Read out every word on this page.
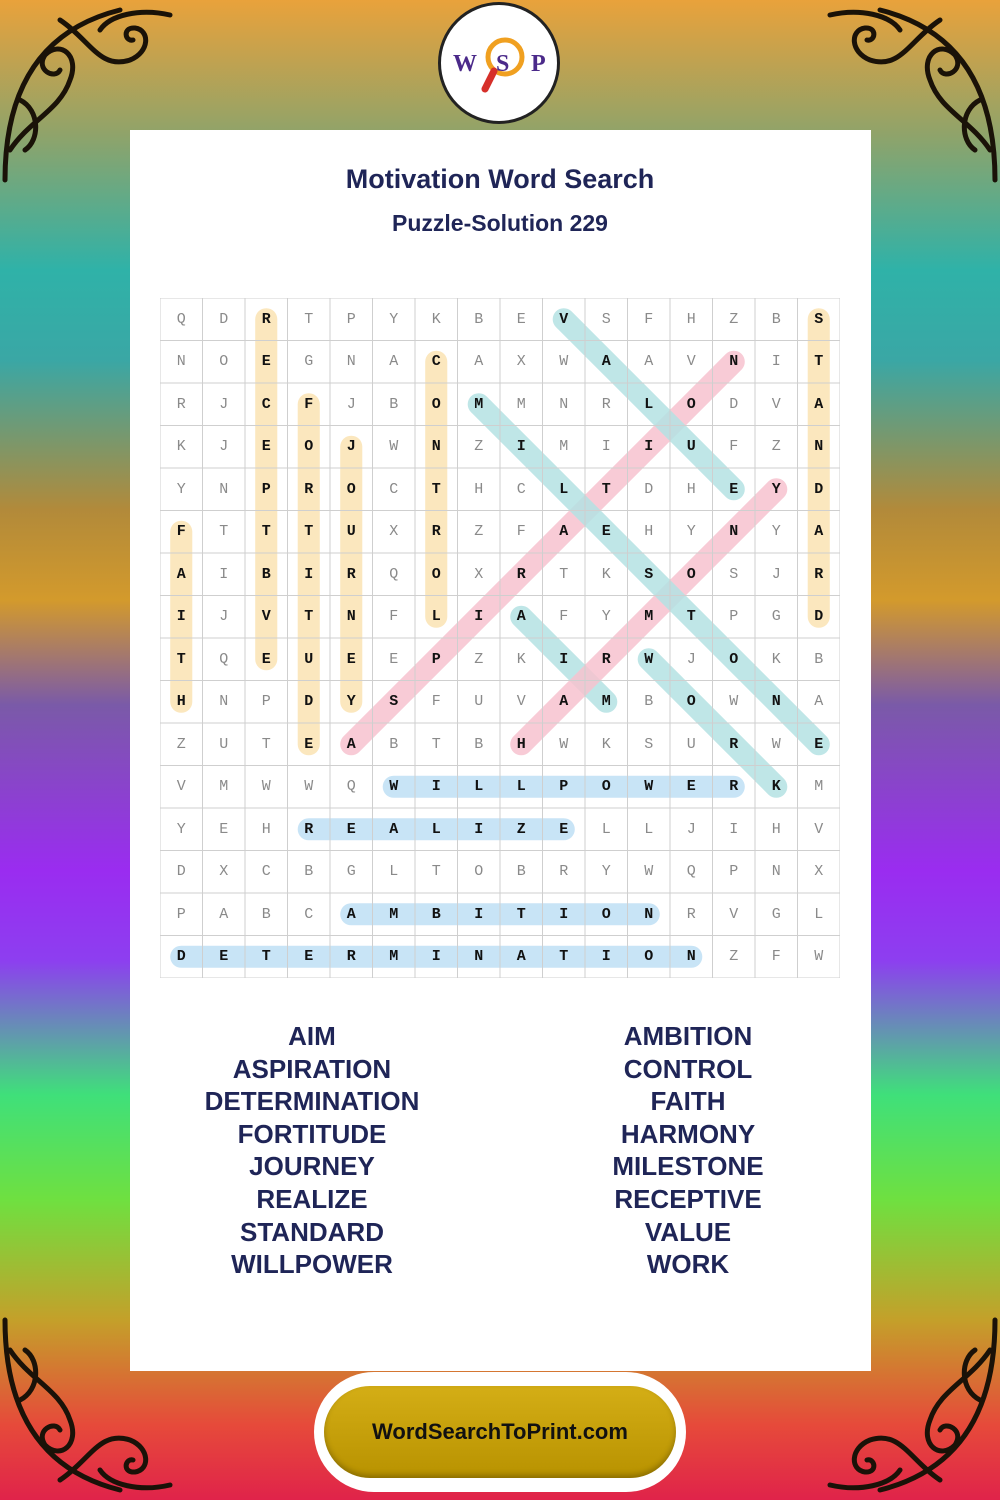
W S P
Motivation Word Search
Puzzle-Solution 229
Q	D	R	T	P	Y	K	B	E	V	S	F	H	Z	B	S
N	O	E	G	N	A	C	A	X	W	A	A	V	N	I	T
R	J	C	F	J	B	O	M	M	N	R	L	O	D	V	A
K	J	E	O	J	W	N	Z	I	M	I	I	U	F	Z	N
Y	N	P	R	O	C	T	H	C	L	T	D	H	E	Y	D
F	T	T	T	U	X	R	Z	F	A	E	H	Y	N	Y	A
A	I	B	I	R	Q	O	X	R	T	K	S	O	S	J	R
I	J	V	T	N	F	L	I	A	F	Y	M	T	P	G	D
T	Q	E	U	E	E	P	Z	K	I	R	W	J	O	K	B
H	N	P	D	Y	S	F	U	V	A	M	B	O	W	N	A
Z	U	T	E	A	B	T	B	H	W	K	S	U	R	W	E
V	M	W	W	Q	W	I	L	L	P	O	W	E	R	K	M
Y	E	H	R	E	A	L	I	Z	E	L	L	J	I	H	V
D	X	C	B	G	L	T	O	B	R	Y	W	Q	P	N	X
P	A	B	C	A	M	B	I	T	I	O	N	R	V	G	L
D	E	T	E	R	M	I	N	A	T	I	O	N	Z	F	W
AIM
ASPIRATION
DETERMINATION
FORTITUDE
JOURNEY
REALIZE
STANDARD
WILLPOWER
AMBITION
CONTROL
FAITH
HARMONY
MILESTONE
RECEPTIVE
VALUE
WORK
WordSearchToPrint.com
